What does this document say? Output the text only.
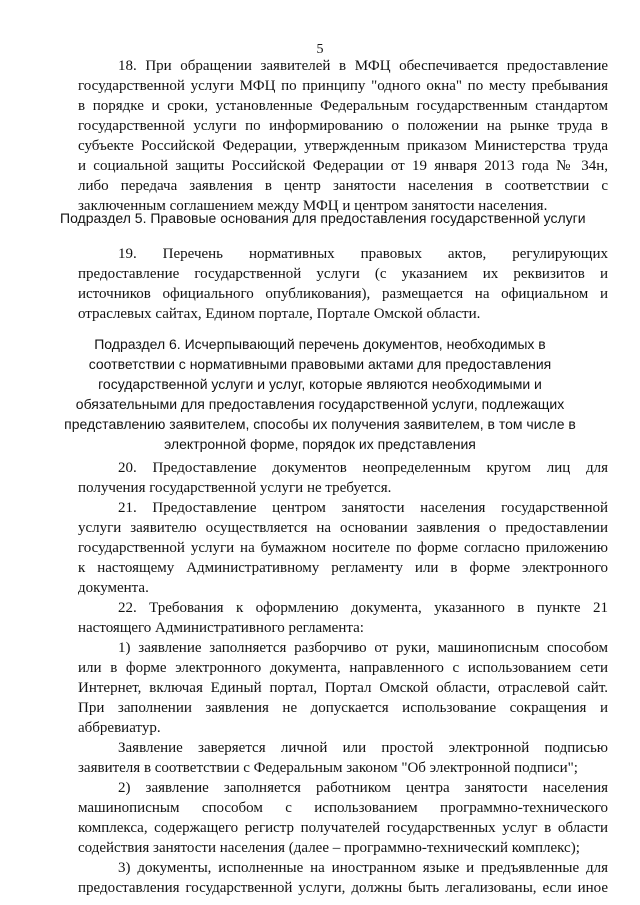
5
18. При обращении заявителей в МФЦ обеспечивается предоставление
государственной услуги МФЦ по принципу "одного окна" по месту пребывания
в порядке и сроки, установленные Федеральным государственным стандартом
государственной услуги по информированию о положении на рынке труда в
субъекте Российской Федерации, утвержденным приказом Министерства труда
и социальной защиты Российской Федерации от 19 января 2013 года № 34н,
либо передача заявления в центр занятости населения в соответствии с
заключенным соглашением между МФЦ и центром занятости населения.
Подраздел 5. Правовые основания для предоставления государственной услуги
19. Перечень нормативных правовых актов, регулирующих
предоставление государственной услуги (с указанием их реквизитов и
источников официального опубликования), размещается на официальном и
отраслевых сайтах, Едином портале, Портале Омской области.
Подраздел 6. Исчерпывающий перечень документов, необходимых в
соответствии с нормативными правовыми актами для предоставления
государственной услуги и услуг, которые являются необходимыми и
обязательными для предоставления государственной услуги, подлежащих
представлению заявителем, способы их получения заявителем, в том числе в
электронной форме, порядок их представления
20. Предоставление документов неопределенным кругом лиц для
получения государственной услуги не требуется.
21. Предоставление центром занятости населения государственной
услуги заявителю осуществляется на основании заявления о предоставлении
государственной услуги на бумажном носителе по форме согласно приложению
к настоящему Административному регламенту или в форме электронного
документа.
22. Требования к оформлению документа, указанного в пункте 21
настоящего Административного регламента:
1) заявление заполняется разборчиво от руки, машинописным способом
или в форме электронного документа, направленного с использованием сети
Интернет, включая Единый портал, Портал Омской области, отраслевой сайт.
При заполнении заявления не допускается использование сокращения и
аббревиатур.
Заявление заверяется личной или простой электронной подписью
заявителя в соответствии с Федеральным законом "Об электронной подписи";
2) заявление заполняется работником центра занятости населения
машинописным способом с использованием программно-технического
комплекса, содержащего регистр получателей государственных услуг в области
содействия занятости населения (далее – программно-технический комплекс);
3) документы, исполненные на иностранном языке и предъявленные для
предоставления государственной услуги, должны быть легализованы, если иное
